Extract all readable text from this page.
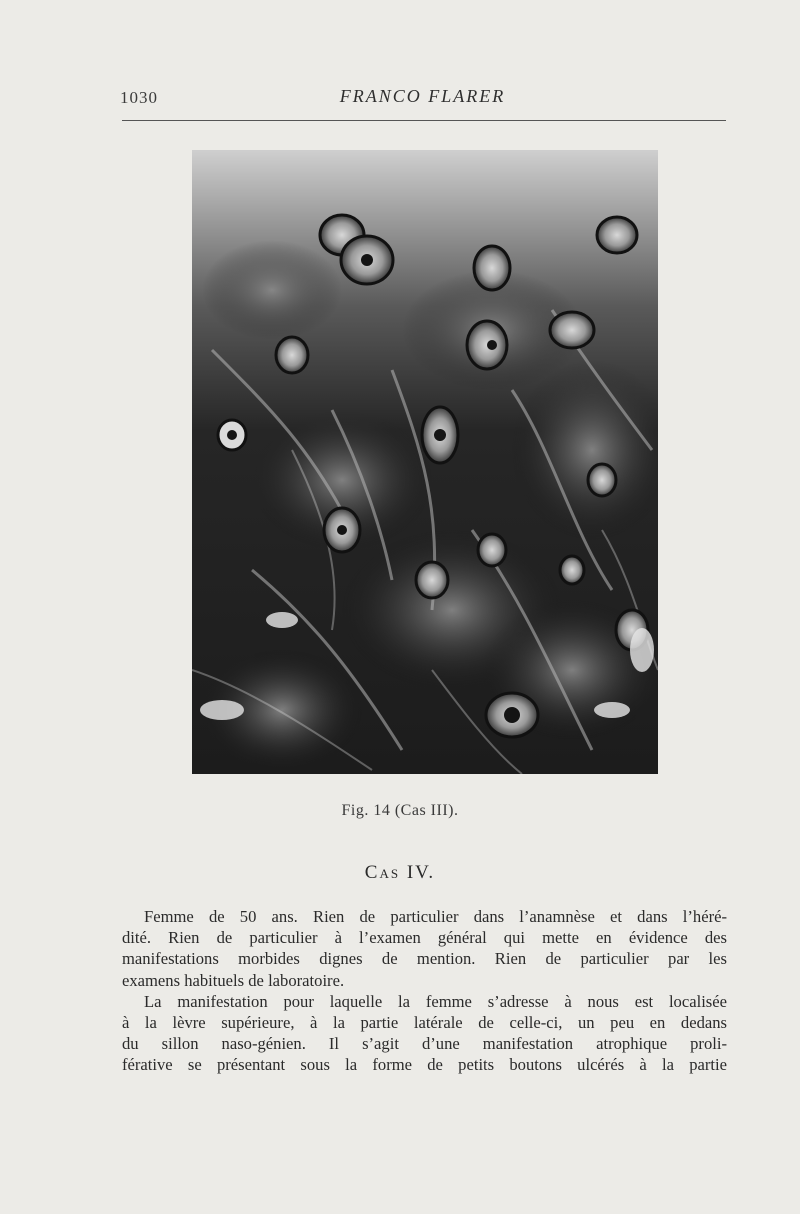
1030	FRANCO FLARER
Fig. 14 (Cas III).
Cas IV.

Femme de 50 ans. Rien de particulier dans l’anamnèse et dans l’héré-

dité. Rien de particulier à l’examen général qui mette en évidence des

manifestations morbides dignes de mention. Rien de particulier par les

examens habituels de laboratoire.

La manifestation pour laquelle la femme s’adresse à nous est localisée

à la lèvre supérieure, à la partie latérale de celle-ci, un peu en dedans

du sillon naso-génien. Il s’agit d’une manifestation atrophique proli-

férative se présentant sous la forme de petits boutons ulcérés à la partie
